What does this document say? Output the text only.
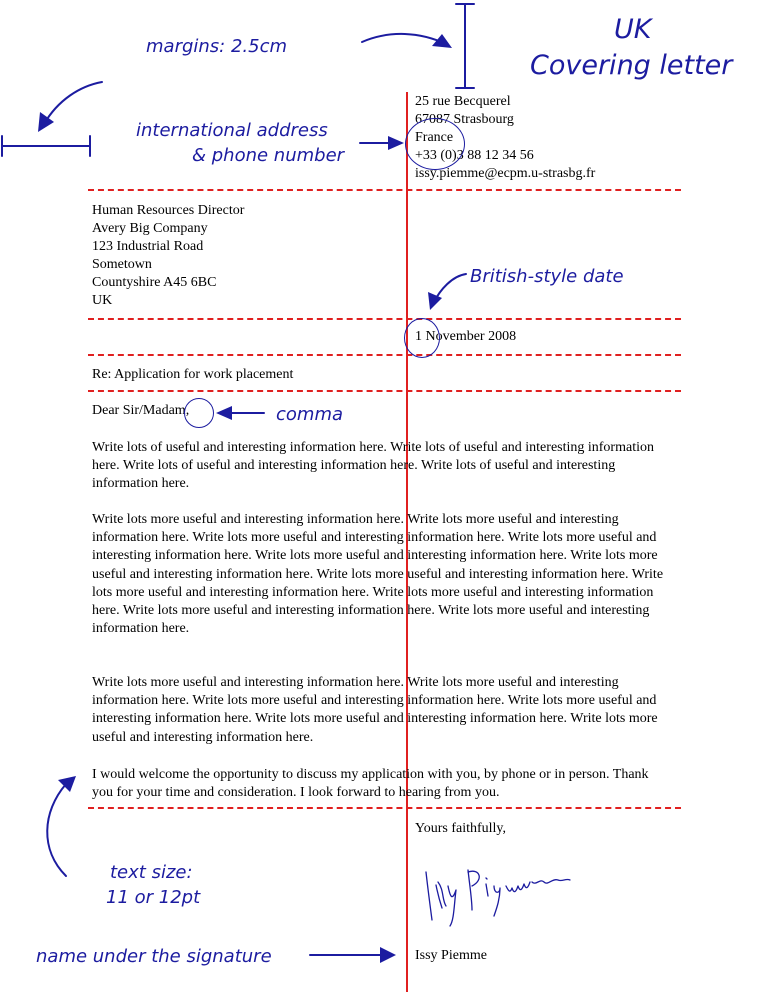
25 rue Becquerel
67087 Strasbourg
France
+33 (0)3 88 12 34 56
issy.piemme@ecpm.u-strasbg.fr
Human Resources Director
Avery Big Company
123 Industrial Road
Sometown
Countyshire A45 6BC
UK
1 November 2008
Re: Application for work placement
Dear Sir/Madam,
Write lots of useful and interesting information here. Write lots of useful and interesting information here. Write lots of useful and interesting information here. Write lots of useful and interesting information here.
Write lots more useful and interesting information here. Write lots more useful and interesting information here. Write lots more useful and interesting information here. Write lots more useful and interesting information here. Write lots more useful and interesting information here. Write lots more useful and interesting information here. Write lots more useful and interesting information here. Write lots more useful and interesting information here. Write lots more useful and interesting information here. Write lots more useful and interesting information here. Write lots more useful and interesting information here.
Write lots more useful and interesting information here. Write lots more useful and interesting information here. Write lots more useful and interesting information here. Write lots more useful and interesting information here. Write lots more useful and interesting information here. Write lots more useful and interesting information here.
I would welcome the opportunity to discuss my application with you, by phone or in person. Thank you for your time and consideration. I look forward to hearing from you.
Yours faithfully,
Issy Piemme
UK
Covering letter
margins: 2.5cm
international address
& phone number
British-style date
comma
text size:
11 or 12pt
name under the signature
